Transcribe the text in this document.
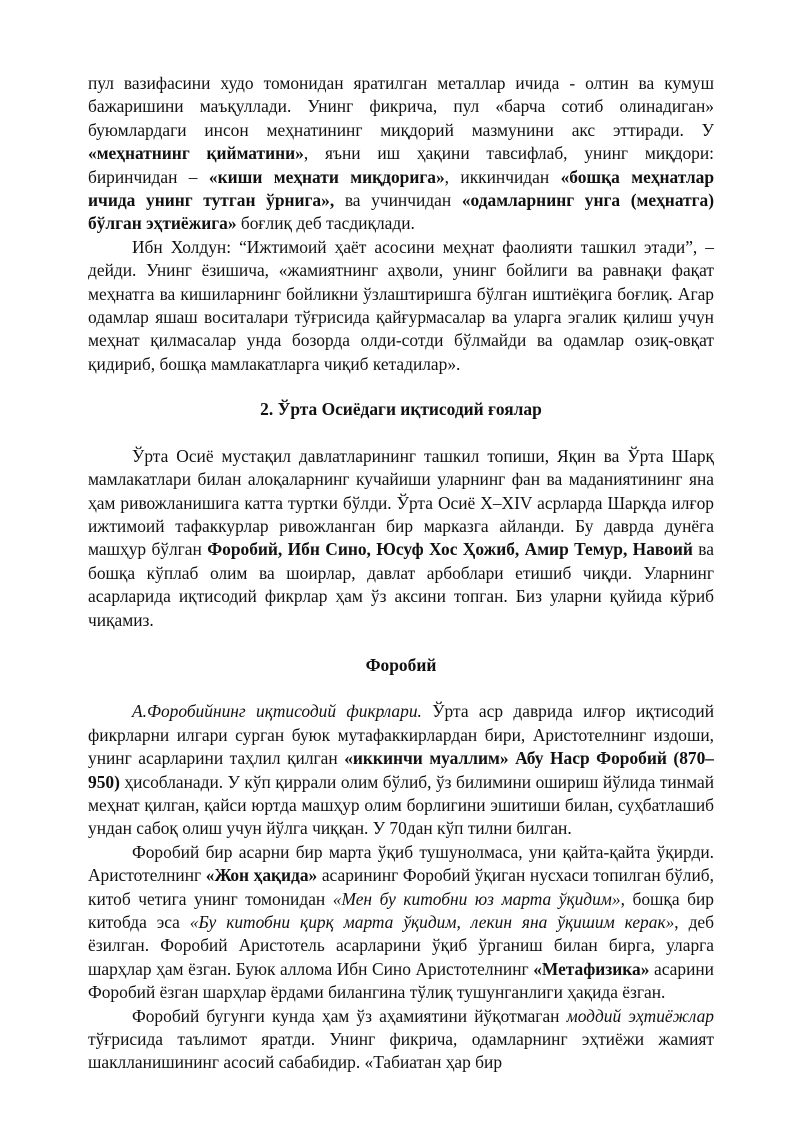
пул вазифасини худо томонидан яратилган металлар ичида - олтин ва кумуш бажаришини маъқуллади. Унинг фикрича, пул «барча сотиб олинадиган» буюмлардаги инсон меҳнатининг миқдорий мазмунини акс эттиради. У «меҳнатнинг қийматини», яъни иш ҳақини тавсифлаб, унинг миқдори: биринчидан – «киши меҳнати миқдорига», иккинчидан «бошқа меҳнатлар ичида унинг тутган ўрнига», ва учинчидан «одамларнинг унга (меҳнатга) бўлган эҳтиёжига» боғлиқ деб тасдиқлади.

Ибн Холдун: “Ижтимоий ҳаёт асосини меҳнат фаолияти ташкил этади”, – дейди. Унинг ёзишича, «жамиятнинг аҳволи, унинг бойлиги ва равнақи фақат меҳнатга ва кишиларнинг бойликни ўзлаштиришга бўлган иштиёқига боғлиқ. Агар одамлар яшаш воситалари тўғрисида қайғурмасалар ва уларга эгалик қилиш учун меҳнат қилмасалар унда бозорда олди-сотди бўлмайди ва одамлар озиқ-овқат қидириб, бошқа мамлакатларга чиқиб кетадилар».

2. Ўрта Осиёдаги иқтисодий ғоялар

Ўрта Осиё мустақил давлатларининг ташкил топиши, Яқин ва Ўрта Шарқ мамлакатлари билан алоқаларнинг кучайиши уларнинг фан ва маданиятининг яна ҳам ривожланишига катта туртки бўлди. Ўрта Осиё X–XIV асрларда Шарқда илғор ижтимоий тафаккурлар ривожланган бир марказга айланди. Бу даврда дунёга машҳур бўлган Форобий, Ибн Сино, Юсуф Хос Ҳожиб, Амир Темур, Навоий ва бошқа кўплаб олим ва шоирлар, давлат арбоблари етишиб чиқди. Уларнинг асарларида иқтисодий фикрлар ҳам ўз аксини топган. Биз уларни қуйида кўриб чиқамиз.

Форобий

А.Форобийнинг иқтисодий фикрлари. Ўрта аср даврида илғор иқтисодий фикрларни илгари сурган буюк мутафаккирлардан бири, Аристотелнинг издоши, унинг асарларини таҳлил қилган «иккинчи муаллим» Абу Наср Форобий (870–950) ҳисобланади. У кўп қиррали олим бўлиб, ўз билимини ошириш йўлида тинмай меҳнат қилган, қайси юртда машҳур олим борлигини эшитиши билан, суҳбатлашиб ундан сабоқ олиш учун йўлга чиққан. У 70дан кўп тилни билган.

Форобий бир асарни бир марта ўқиб тушунолмаса, уни қайта-қайта ўқирди. Аристотелнинг «Жон ҳақида» асарининг Форобий ўқиган нусхаси топилган бўлиб, китоб четига унинг томонидан «Мен бу китобни юз марта ўқидим», бошқа бир китобда эса «Бу китобни қирқ марта ўқидим, лекин яна ўқишим керак», деб ёзилган. Форобий Аристотель асарларини ўқиб ўрганиш билан бирга, уларга шарҳлар ҳам ёзган. Буюк аллома Ибн Сино Аристотелнинг «Метафизика» асарини Форобий ёзган шарҳлар ёрдами билангина тўлиқ тушунганлиги ҳақида ёзган.

Форобий бугунги кунда ҳам ўз аҳамиятини йўқотмаган моддий эҳтиёжлар тўғрисида таълимот яратди. Унинг фикрича, одамларнинг эҳтиёжи жамият шаклланишининг асосий сабабидир. «Табиатан ҳар бир
